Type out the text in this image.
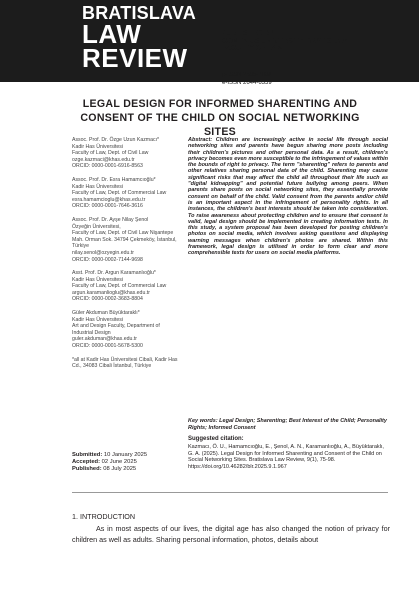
BRATISLAVA
LAW
REVIEW
PUBLISHED BY
COMENIUS UNIVERSITY BRATISLAVA
FACULTY OF LAW
p-ISSN 2585-7088
e-ISSN 2644-6359
LEGAL DESIGN FOR INFORMED SHARENTING AND CONSENT OF THE CHILD ON SOCIAL NETWORKING SITES
Assoc. Prof. Dr. Özge Uzun Kazmacı*
Kadir Has Üniversitesi
Faculty of Law, Dept. of Civil Law
ozge.kazmaci@khas.edu.tr
ORCID: 0000-0001-6916-8563
Assoc. Prof. Dr. Esra Hamamcıoğlu*
Kadir Has Üniversitesi
Faculty of Law, Dept. of Commercial Law
esra.hamamcioglu@khas.edu.tr
ORCID: 0000-0001-7646-3616
Assoc. Prof. Dr. Ayşe Nilay Şenol
Özyeğin Üniversitesi,
Faculty of Law, Dept. of Civil Law Nişantepe Mah. Orman Sok. 34794 Çekmeköy, İstanbul, Türkiye
nilay.senol@ozyegin.edu.tr
ORCID: 0000-0002-7144-9698
Asst. Prof. Dr. Argun Karamanlıoğlu*
Kadir Has Üniversitesi
Faculty of Law, Dept. of Commercial Law
argun.karamanlioglu@khas.edu.tr
ORCID: 0000-0002-3683-8804
Güler Akduman Büyüktaraklı*
Kadir Has Üniversitesi
Art and Design Faculty, Department of Industrial Design
guler.akduman@khas.edu.tr
ORCID: 0000-0001-5678-5300
*all at Kadir Has Üniversitesi Cibali, Kadir Has Cd., 34083 Cibali İstanbul, Türkiye

Abstract: Children are increasingly active in social life through social networking sites and parents have begun sharing more posts including their children's pictures and other personal data. As a result, children's privacy becomes even more susceptible to the infringement of values within the bounds of right to privacy. The term "sharenting" refers to parents and other relatives sharing personal data of the child. Sharenting may cause significant risks that may affect the child all throughout their life such as "digital kidnapping" and potential future bullying among peers. When parents share posts on social networking sites, they essentially provide consent on behalf of the child. Valid consent from the parents and/or child is an important aspect in the infringement of personality rights. In all instances, the children's best interests should be taken into consideration. To raise awareness about protecting children and to ensure that consent is valid, legal design should be implemented in creating information texts. In this study, a system proposal has been developed for posting children's photos on social media, which involves asking questions and displaying warning messages when children's photos are shared. Within this framework, legal design is utilised in order to form clear and more comprehensible texts for users on social media platforms.

Submitted: 10 January 2025
Accepted: 02 June 2025
Published: 08 July 2025
Key words: Legal Design; Sharenting; Best Interest of the Child; Personality Rights; Informed Consent
Suggested citation:
Kazmacı, Ö. U., Hamamcıoğlu, E., Şenol, A. N., Karamanlıoğlu, A., Büyüktaraklı, G. A. (2025). Legal Design for Informed Sharenting and Consent of the Child on Social Networking Sites. Bratislava Law Review, 9(1), 75-98. https://doi.org/10.46282/blr.2025.9.1.967
1. INTRODUCTION

As in most aspects of our lives, the digital age has also changed the notion of privacy for children as well as adults. Sharing personal information, photos, details about
